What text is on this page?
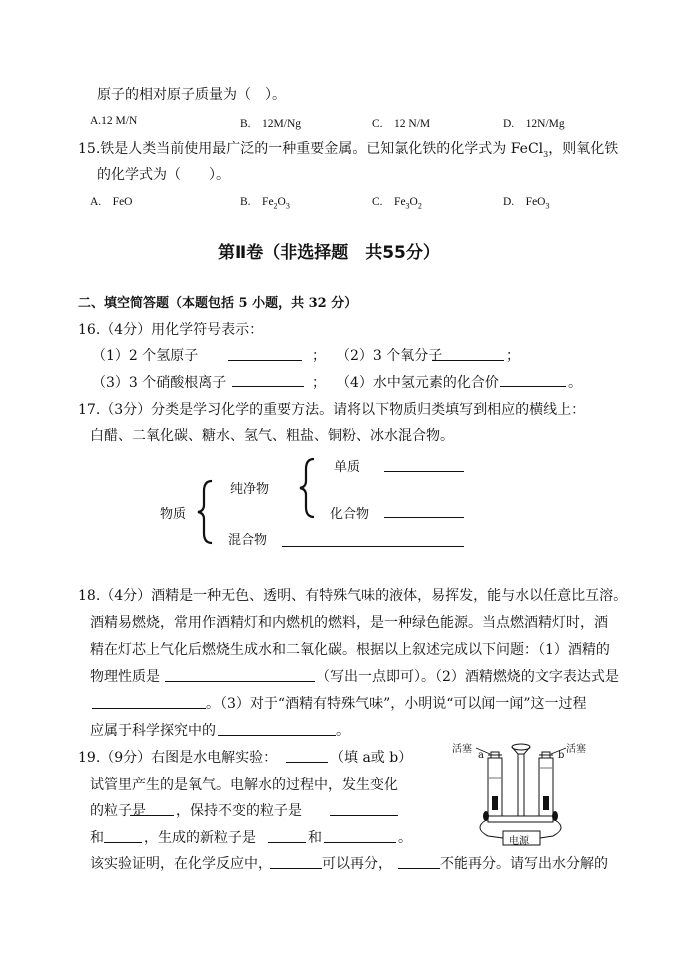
原子的相对原子质量为（　）。
A.12 M/N	B.　12M/Ng	C.　12 N/M	D.　12N/Mg
15.铁是人类当前使用最广泛的一种重要金属。已知氯化铁的化学式为 FeCl$_3$，则氧化铁
的化学式为（　　）。
A.　FeO	B.　$Fe_2O_3$	C.　$Fe_3O_2$	D.　FeO$_3$
第Ⅱ卷（非选择题　共55分）
二、填空简答题（本题包括 5 小题，共 32 分）
16.（4分）用化学符号表示：
（1）2 个氢原子	； （2）3 个氧分子	；
（3）3 个硝酸根离子	； （4）水中氢元素的化合价	。
17.（3分）分类是学习化学的重要方法。请将以下物质归类填写到相应的横线上：
白醋、二氧化碳、糖水、氢气、粗盐、铜粉、冰水混合物。
物质
纯净物
混合物
单质
化合物
18.（4分）酒精是一种无色、透明、有特殊气味的液体，易挥发，能与水以任意比互溶。
酒精易燃烧，常用作酒精灯和内燃机的燃料，是一种绿色能源。当点燃酒精灯时，酒
精在灯芯上气化后燃烧生成水和二氧化碳。根据以上叙述完成以下问题：（1）酒精的
物理性质是	（写出一点即可）。（2）酒精燃烧的文字表达式是
。（3）对于“酒精有特殊气味”，小明说“可以闻一闻”这一过程
应属于科学探究中的	。
19.（9分）右图是水电解实验：	（填 a或 b）
试管里产生的是氧气。电解水的过程中，发生变化
的粒子是 ，保持不变的粒子是
和	，生成的新粒子是	和	。
该实验证明，在化学反应中，	可以再分，	不能再分。请写出水分解的
活塞	活塞
a	b
电源
